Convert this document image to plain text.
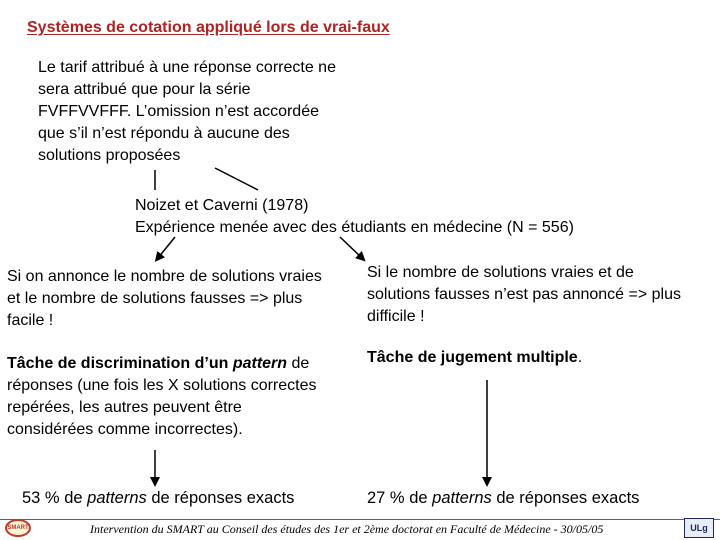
Systèmes de cotation appliqué lors de vrai-faux
Le tarif attribué à une réponse correcte ne sera attribué que pour la série FVFFVVFFF. L’omission n’est accordée que s’il n’est répondu à aucune des solutions proposées
Noizet et Caverni (1978)
Expérience menée avec des étudiants en médecine (N = 556)
Si on annonce le nombre de solutions vraies et le nombre de solutions fausses => plus facile !
Si le nombre de solutions vraies et de solutions fausses n’est pas annoncé => plus difficile !
Tâche de discrimination d’un pattern de réponses (une fois les X solutions correctes repérées, les autres peuvent être considérées comme incorrectes).
Tâche de jugement multiple.
53 % de patterns de réponses exacts	27 % de patterns de réponses exacts
SMART	Intervention du SMART au Conseil des études des 1er et 2ème doctorat en Faculté de Médecine - 30/05/05	ULg
